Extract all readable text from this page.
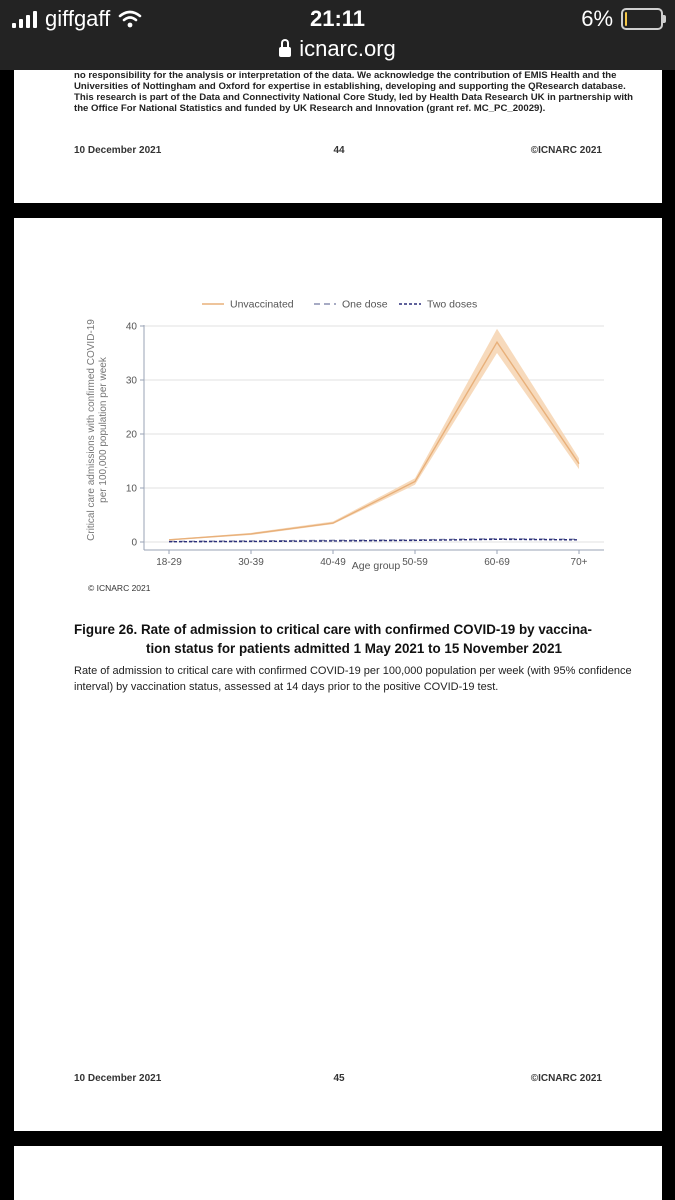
giffgaff	21:11	6%
icnarc.org
no responsibility for the analysis or interpretation of the data. We acknowledge the contribution of EMIS Health and the Universities of Nottingham and Oxford for expertise in establishing, developing and supporting the QResearch database. This research is part of the Data and Connectivity National Core Study, led by Health Data Research UK in partnership with the Office For National Statistics and funded by UK Research and Innovation (grant ref. MC_PC_20029).
10 December 2021	44	©ICNARC 2021
Unvaccinated	One dose	Two doses
0
10
20
30
40
18-29	30-39	40-49	50-59	60-69	70+
Age group
Critical care admissions with confirmed COVID-19 per 100,000 population per week
© ICNARC 2021
Figure 26. Rate of admission to critical care with confirmed COVID-19 by vaccina-
tion status for patients admitted 1 May 2021 to 15 November 2021
Rate of admission to critical care with confirmed COVID-19 per 100,000 population per week (with 95% confidence interval) by vaccination status, assessed at 14 days prior to the positive COVID-19 test.
10 December 2021	45	©ICNARC 2021
